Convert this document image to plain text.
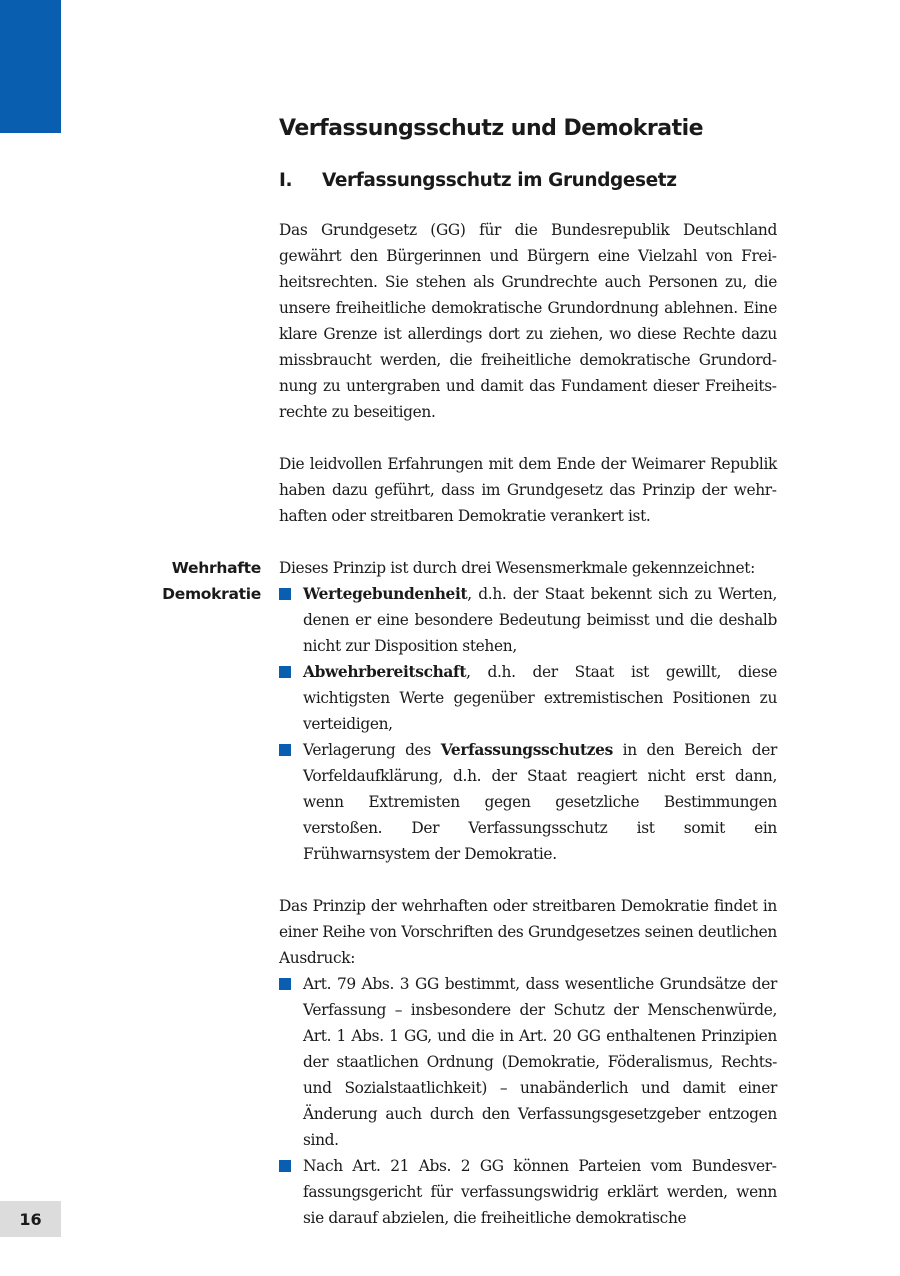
16
Verfassungsschutz und Demokratie
I.	Verfassungsschutz im Grundgesetz

Das Grundgesetz (GG) für die Bundesrepublik Deutschland gewährt den Bürgerinnen und Bürgern eine Vielzahl von Freiheitsrechten. Sie stehen als Grundrechte auch Personen zu, die unsere freiheitliche demokratische Grundordnung ablehnen. Eine klare Grenze ist allerdings dort zu ziehen, wo diese Rechte dazu missbraucht werden, die freiheitliche demokratische Grundordnung zu untergraben und damit das Fundament dieser Freiheitsrechte zu beseitigen.

Die leidvollen Erfahrungen mit dem Ende der Weimarer Republik haben dazu geführt, dass im Grundgesetz das Prinzip der wehrhaften oder streitbaren Demokratie verankert ist.

Wehrhafte
Demokratie
Dieses Prinzip ist durch drei Wesensmerkmale gekennzeichnet:
Wertegebundenheit, d.h. der Staat bekennt sich zu Werten, denen er eine besondere Bedeutung beimisst und die deshalb nicht zur Disposition stehen,
Abwehrbereitschaft, d.h. der Staat ist gewillt, diese wichtigsten Werte gegenüber extremistischen Positionen zu verteidigen,
Verlagerung des Verfassungsschutzes in den Bereich der Vorfeldaufklärung, d.h. der Staat reagiert nicht erst dann, wenn Extremisten gegen gesetzliche Bestimmungen verstoßen. Der Verfassungsschutz ist somit ein Frühwarnsystem der Demokratie.
Das Prinzip der wehrhaften oder streitbaren Demokratie findet in einer Reihe von Vorschriften des Grundgesetzes seinen deutlichen Ausdruck:
Art. 79 Abs. 3 GG bestimmt, dass wesentliche Grundsätze der Verfassung – insbesondere der Schutz der Menschenwürde, Art. 1 Abs. 1 GG, und die in Art. 20 GG enthaltenen Prinzipien der staatlichen Ordnung (Demokratie, Föderalismus, Rechts- und Sozialstaatlichkeit) – unabänderlich und damit einer Änderung auch durch den Verfassungsgesetzgeber entzogen sind.
Nach Art. 21 Abs. 2 GG können Parteien vom Bundesverfassungsgericht für verfassungswidrig erklärt werden, wenn sie darauf abzielen, die freiheitliche demokratische
